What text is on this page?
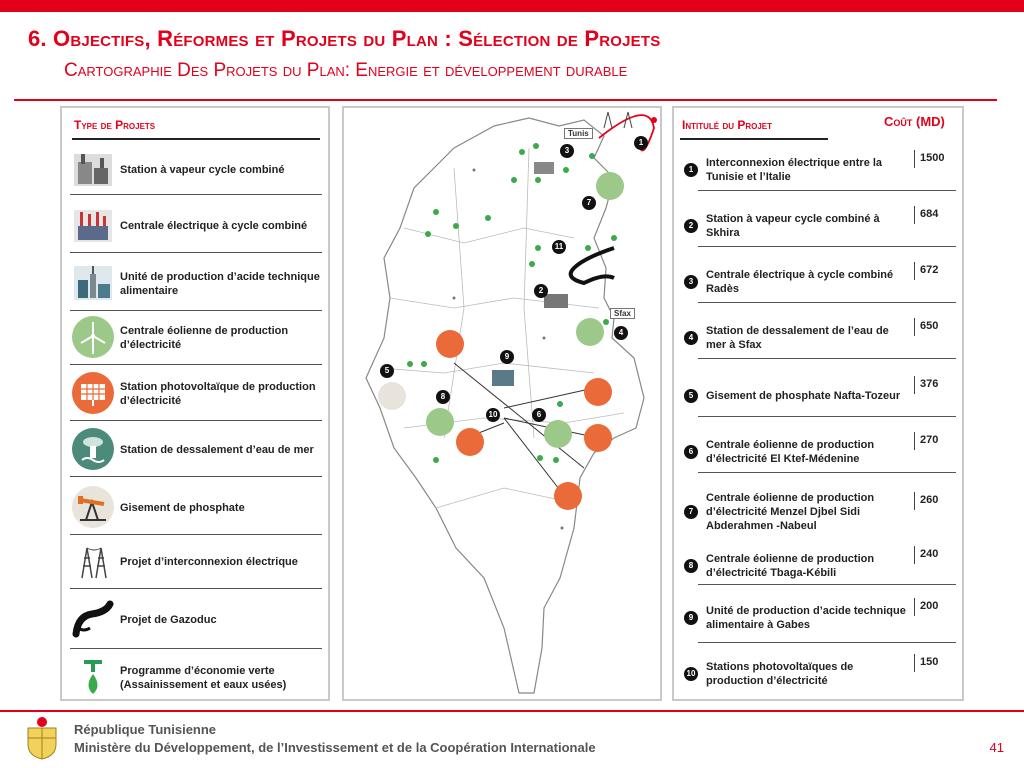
6. Objectifs, Réformes et Projets du Plan : Sélection de Projets
Cartographie Des Projets du Plan: Energie et développement durable
Type de Projets
Station à vapeur cycle combiné
Centrale électrique à cycle combiné
Unité de production d’acide technique alimentaire
Centrale éolienne de production d’électricité
Station photovoltaïque de production d’électricité
Station de dessalement d’eau de mer
Gisement de phosphate
Projet d’interconnexion électrique
Projet de Gazoduc
Programme d’économie verte (Assainissement et eaux usées)
Tunis
Sfax
1
2
3
4
5
6
7
8
9
10
11
Intitulé du Projet	Coût (MD)
1
Interconnexion électrique entre la Tunisie et l’Italie
1500
2
Station à vapeur cycle combiné à Skhira
684
3
Centrale électrique à cycle combiné Radès
672
4
Station de dessalement de l’eau de mer à Sfax
650
5	Gisement de phosphate Nafta-Tozeur
376
6
Centrale éolienne de production d’électricité El Ktef-Médenine
270
7
Centrale éolienne de production d’électricité Menzel Djbel Sidi Abderahmen -Nabeul
260
8
Centrale éolienne de production d’électricité Tbaga-Kébili
240
9
Unité de production d’acide technique alimentaire à Gabes
200
10
Stations photovoltaïques de production d’électricité
150
République Tunisienne
Ministère du Développement, de l’Investissement et de la Coopération Internationale	41
